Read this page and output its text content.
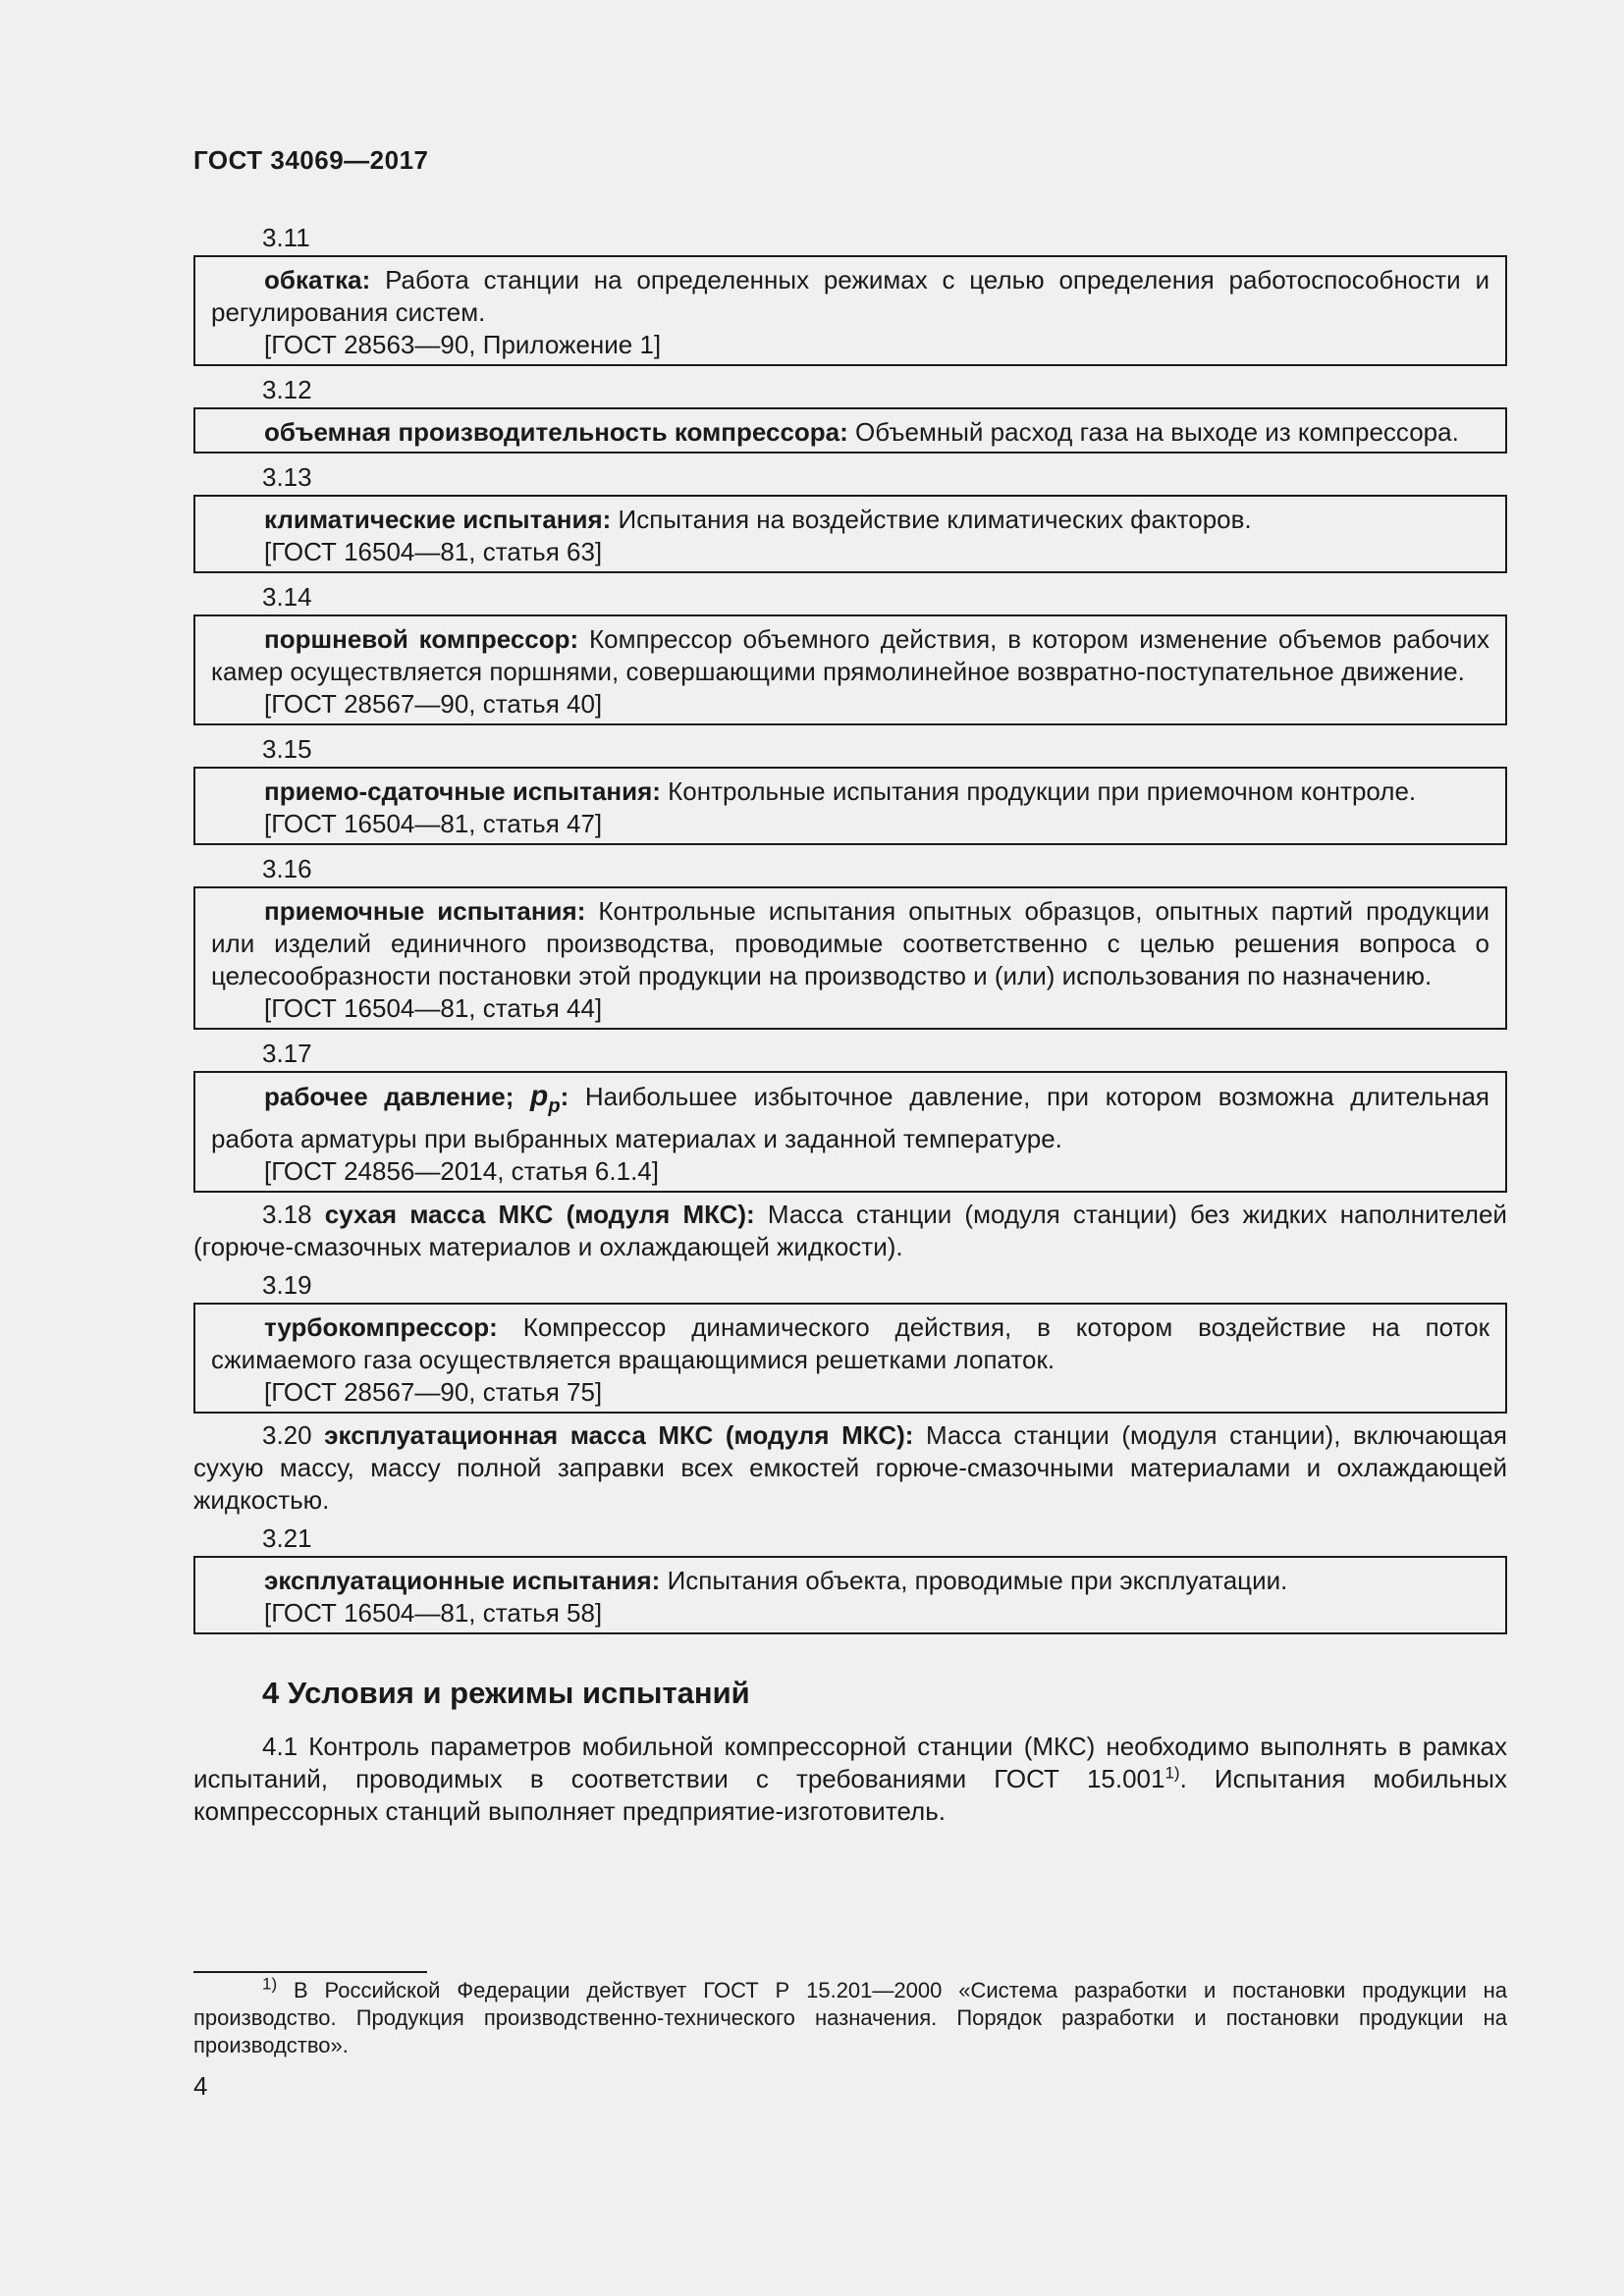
ГОСТ 34069—2017
3.11

обкатка: Работа станции на определенных режимах с целью определения работоспособности и регулирования систем.

[ГОСТ 28563—90, Приложение 1]

3.12

объемная производительность компрессора: Объемный расход газа на выходе из компрессора.

3.13

климатические испытания: Испытания на воздействие климатических факторов.

[ГОСТ 16504—81, статья 63]

3.14

поршневой компрессор: Компрессор объемного действия, в котором изменение объемов рабочих камер осуществляется поршнями, совершающими прямолинейное возвратно-поступательное движение.

[ГОСТ 28567—90, статья 40]

3.15

приемо-сдаточные испытания: Контрольные испытания продукции при приемочном контроле.

[ГОСТ 16504—81, статья 47]

3.16

приемочные испытания: Контрольные испытания опытных образцов, опытных партий продукции или изделий единичного производства, проводимые соответственно с целью решения вопроса о целесообразности постановки этой продукции на производство и (или) использования по назначению.

[ГОСТ 16504—81, статья 44]

3.17

рабочее давление; $p_p$: Наибольшее избыточное давление, при котором возможна длительная работа арматуры при выбранных материалах и заданной температуре.

[ГОСТ 24856—2014, статья 6.1.4]

3.18 сухая масса МКС (модуля МКС): Масса станции (модуля станции) без жидких наполнителей (горюче-смазочных материалов и охлаждающей жидкости).

3.19

турбокомпрессор: Компрессор динамического действия, в котором воздействие на поток сжимаемого газа осуществляется вращающимися решетками лопаток.

[ГОСТ 28567—90, статья 75]

3.20 эксплуатационная масса МКС (модуля МКС): Масса станции (модуля станции), включающая сухую массу, массу полной заправки всех емкостей горюче-смазочными материалами и охлаждающей жидкостью.

3.21

эксплуатационные испытания: Испытания объекта, проводимые при эксплуатации.

[ГОСТ 16504—81, статья 58]

4 Условия и режимы испытаний

4.1 Контроль параметров мобильной компрессорной станции (МКС) необходимо выполнять в рамках испытаний, проводимых в соответствии с требованиями ГОСТ 15.001$^{1)}$. Испытания мобильных компрессорных станций выполняет предприятие-изготовитель.

$^{1)}$ В Российской Федерации действует ГОСТ Р 15.201—2000 «Система разработки и постановки продукции на производство. Продукция производственно-технического назначения. Порядок разработки и постановки продукции на производство».
4
